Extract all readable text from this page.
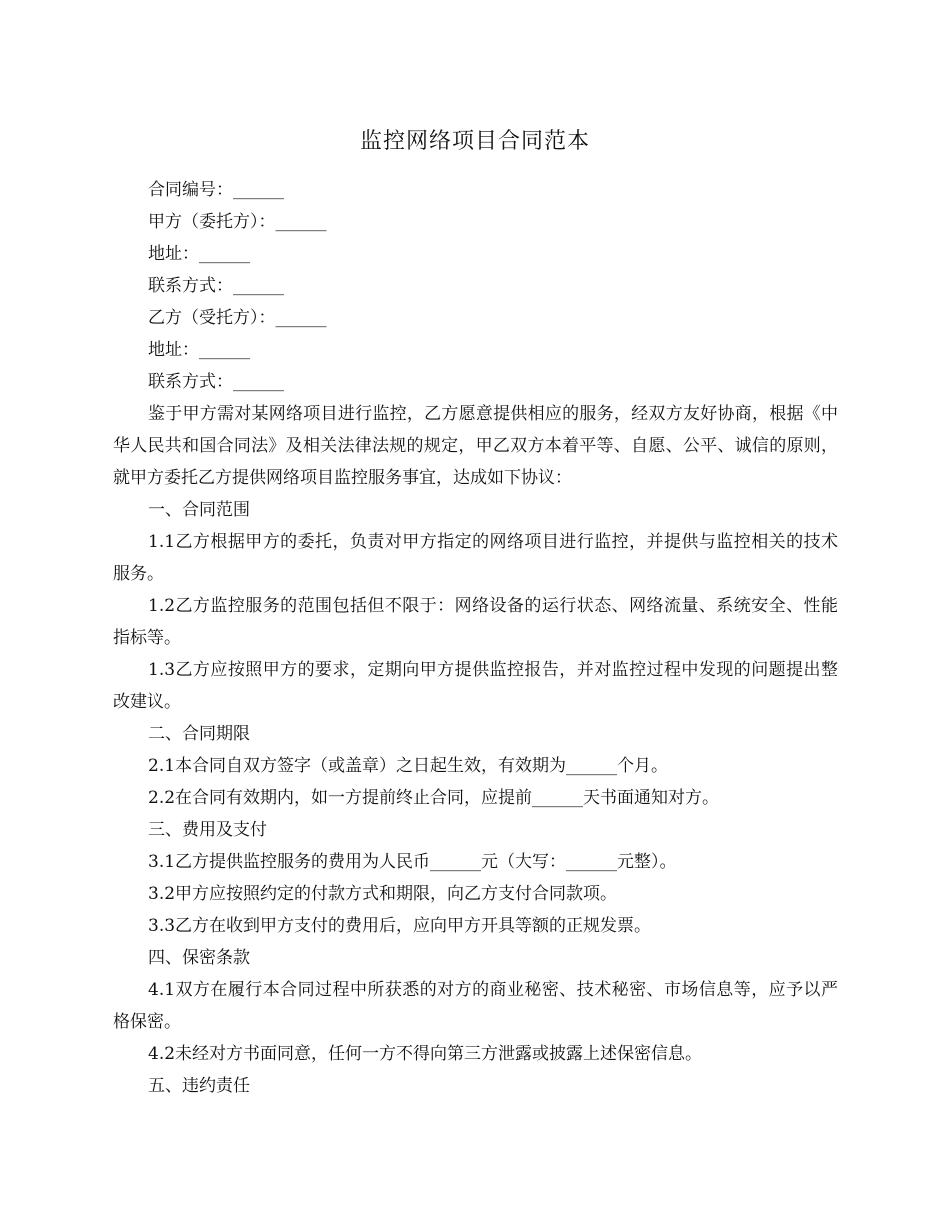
监控网络项目合同范本

合同编号：______

甲方（委托方）：______

地址：______

联系方式：______

乙方（受托方）：______

地址：______

联系方式：______

鉴于甲方需对某网络项目进行监控，乙方愿意提供相应的服务，经双方友好协商，根据《中华人民共和国合同法》及相关法律法规的规定，甲乙双方本着平等、自愿、公平、诚信的原则，就甲方委托乙方提供网络项目监控服务事宜，达成如下协议：

一、合同范围

1.1乙方根据甲方的委托，负责对甲方指定的网络项目进行监控，并提供与监控相关的技术服务。

1.2乙方监控服务的范围包括但不限于：网络设备的运行状态、网络流量、系统安全、性能指标等。

1.3乙方应按照甲方的要求，定期向甲方提供监控报告，并对监控过程中发现的问题提出整改建议。

二、合同期限

2.1本合同自双方签字（或盖章）之日起生效，有效期为______个月。

2.2在合同有效期内，如一方提前终止合同，应提前______天书面通知对方。

三、费用及支付

3.1乙方提供监控服务的费用为人民币______元（大写：______元整）。

3.2甲方应按照约定的付款方式和期限，向乙方支付合同款项。

3.3乙方在收到甲方支付的费用后，应向甲方开具等额的正规发票。

四、保密条款

4.1双方在履行本合同过程中所获悉的对方的商业秘密、技术秘密、市场信息等，应予以严格保密。

4.2未经对方书面同意，任何一方不得向第三方泄露或披露上述保密信息。

五、违约责任
